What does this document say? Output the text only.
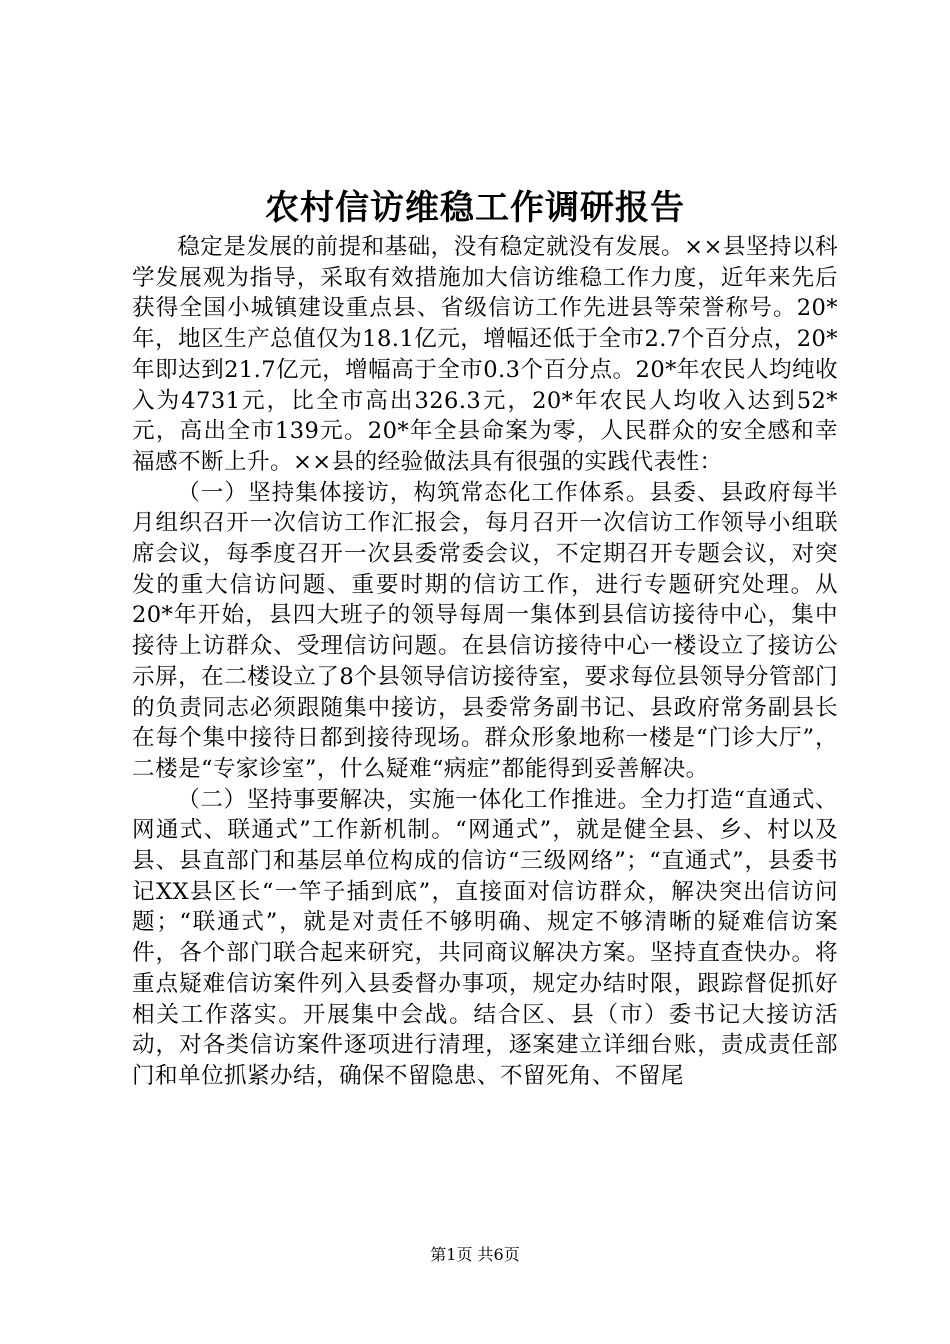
农村信访维稳工作调研报告

稳定是发展的前提和基础，没有稳定就没有发展。××县坚持以科学发展观为指导，采取有效措施加大信访维稳工作力度，近年来先后获得全国小城镇建设重点县、省级信访工作先进县等荣誉称号。20*年，地区生产总值仅为18.1亿元，增幅还低于全市2.7个百分点，20*年即达到21.7亿元，增幅高于全市0.3个百分点。20*年农民人均纯收入为4731元，比全市高出326.3元，20*年农民人均收入达到52*元，高出全市139元。20*年全县命案为零，人民群众的安全感和幸福感不断上升。××县的经验做法具有很强的实践代表性：

（一）坚持集体接访，构筑常态化工作体系。县委、县政府每半月组织召开一次信访工作汇报会，每月召开一次信访工作领导小组联席会议，每季度召开一次县委常委会议，不定期召开专题会议，对突发的重大信访问题、重要时期的信访工作，进行专题研究处理。从20*年开始，县四大班子的领导每周一集体到县信访接待中心，集中接待上访群众、受理信访问题。在县信访接待中心一楼设立了接访公示屏，在二楼设立了8个县领导信访接待室，要求每位县领导分管部门的负责同志必须跟随集中接访，县委常务副书记、县政府常务副县长在每个集中接待日都到接待现场。群众形象地称一楼是“门诊大厅”，二楼是“专家诊室”，什么疑难“病症”都能得到妥善解决。

（二）坚持事要解决，实施一体化工作推进。全力打造“直通式、网通式、联通式”工作新机制。“网通式”，就是健全县、乡、村以及县、县直部门和基层单位构成的信访“三级网络”；“直通式”，县委书记XX县区长“一竿子插到底”，直接面对信访群众，解决突出信访问题；“联通式”，就是对责任不够明确、规定不够清晰的疑难信访案件，各个部门联合起来研究，共同商议解决方案。坚持直查快办。将重点疑难信访案件列入县委督办事项，规定办结时限，跟踪督促抓好相关工作落实。开展集中会战。结合区、县（市）委书记大接访活动，对各类信访案件逐项进行清理，逐案建立详细台账，责成责任部门和单位抓紧办结，确保不留隐患、不留死角、不留尾

第1页 共6页
